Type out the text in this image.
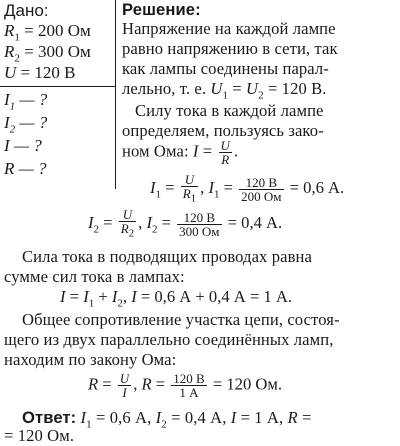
Дано:
$R_1 = 200$ Ом
$R_2 = 300$ Ом
U = 120 В
$I_1$ — ?
$I_2$ — ?
I — ?
R — ?
Решение:
Напряжение на каждой лампе
равно напряжению в сети, так
как лампы соединены парал-
лельно, т. е. $U_1 = U_2 = 120$ В.
Силу тока в каждой лампе
определяем, пользуясь зако-
ном Ома: $I = \frac{U}{R}$ .
$I_1 = \frac{U}{R_1}$ , $I_1 = \frac{120 В}{200 Ом} = 0,6$ А.
$I_2 = \frac{U}{R_2}$ , $I_2 = \frac{120 В}{300 Ом} = 0,4$ А.
Сила тока в подводящих проводах равна
сумме сил тока в лампах:
$I = I_1 + I_2$, I = 0,6 А + 0,4 А = 1 А.
Общее сопротивление участка цепи, состоя-
щего из двух параллельно соединённых ламп,
находим по закону Ома:
$R = \frac{U}{I}$ , $R = \frac{120 В}{1 А} = 120$ Ом.
Ответ: $I_1 = 0,6$ А, $I_2 = 0,4$ А, I = 1 А, R =
= 120 Ом.
